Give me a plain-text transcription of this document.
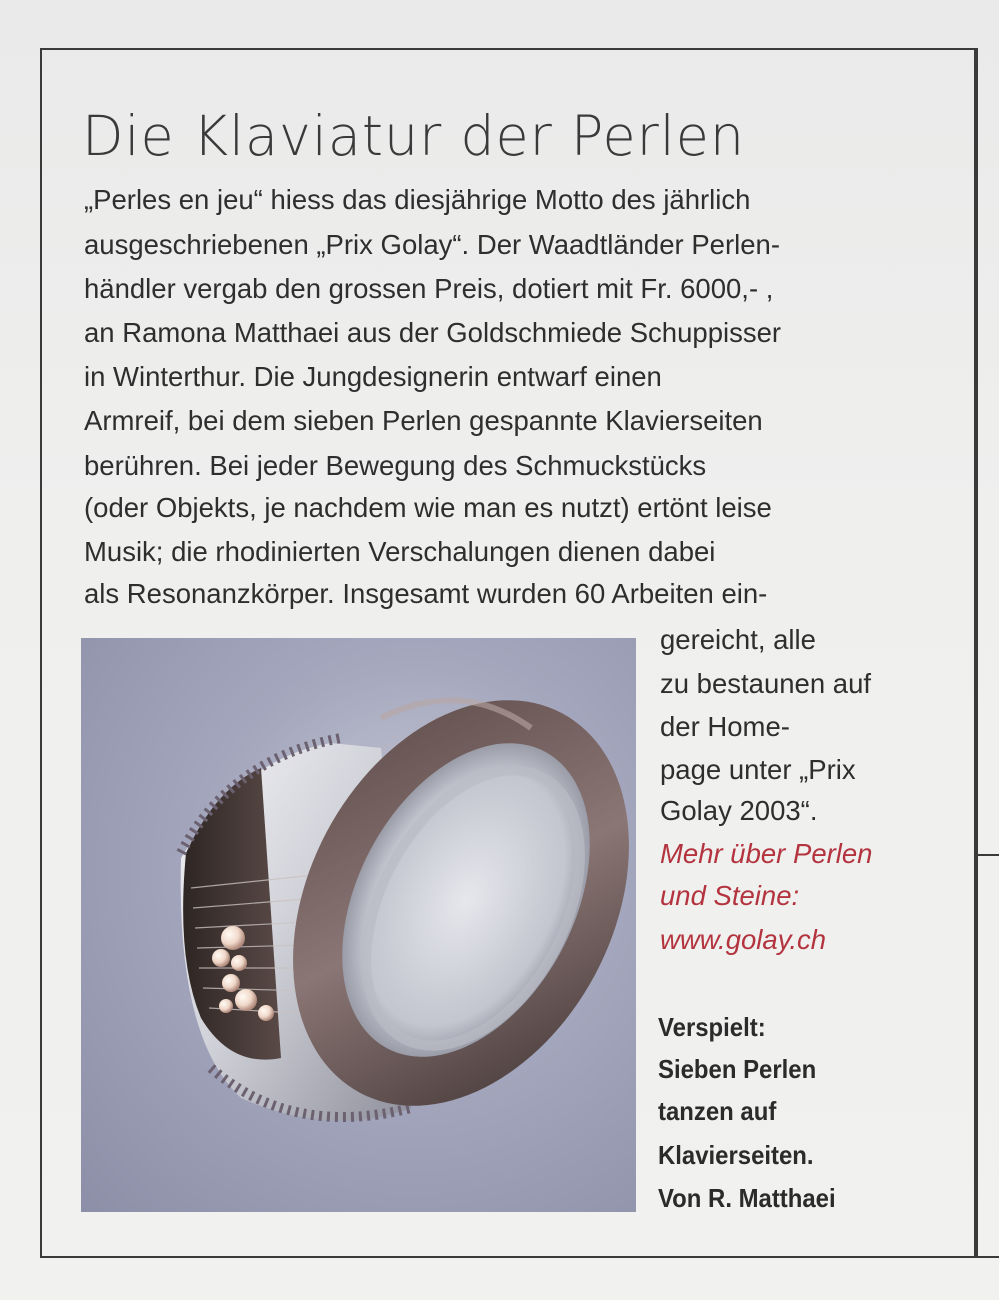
Die Klaviatur der Perlen

„Perles en jeu“ hiess das diesjährige Motto des jährlich

ausgeschriebenen „Prix Golay“. Der Waadtländer Perlen-

händler vergab den grossen Preis, dotiert mit Fr. 6000,- ,

an Ramona Matthaei aus der Goldschmiede Schuppisser

in Winterthur. Die Jungdesignerin entwarf einen

Armreif, bei dem sieben Perlen gespannte Klavierseiten

berühren. Bei jeder Bewegung des Schmuckstücks

(oder Objekts, je nachdem wie man es nutzt) ertönt leise

Musik; die rhodinierten Verschalungen dienen dabei

als Resonanzkörper. Insgesamt wurden 60 Arbeiten ein-

gereicht, alle

zu bestaunen auf

der Home-

page unter „Prix

Golay 2003“.

Mehr über Perlen

und Steine:

www.golay.ch

Verspielt:

Sieben Perlen

tanzen auf

Klavierseiten.

Von R. Matthaei
